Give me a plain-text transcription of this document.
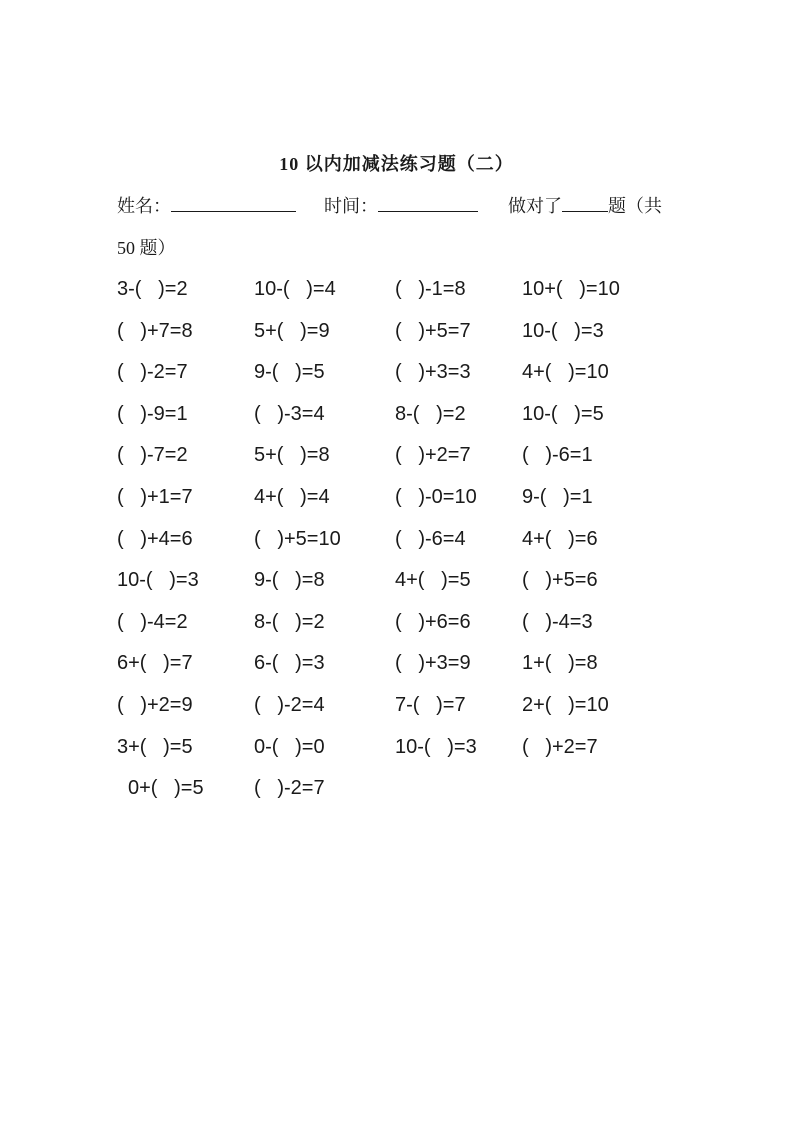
10 以内加减法练习题（二）
姓名：	时间：	做对了	题（共
50 题）
3-(   )=2	10-(   )=4	(   )-1=8	10+(   )=10
(   )+7=8	5+(   )=9	(   )+5=7	10-(   )=3
(   )-2=7	9-(   )=5	(   )+3=3	4+(   )=10
(   )-9=1	(   )-3=4	8-(   )=2	10-(   )=5
(   )-7=2	5+(   )=8	(   )+2=7	(   )-6=1
(   )+1=7	4+(   )=4	(   )-0=10	9-(   )=1
(   )+4=6	(   )+5=10	(   )-6=4	4+(   )=6
10-(   )=3	9-(   )=8	4+(   )=5	(   )+5=6
(   )-4=2	8-(   )=2	(   )+6=6	(   )-4=3
6+(   )=7	6-(   )=3	(   )+3=9	1+(   )=8
(   )+2=9	(   )-2=4	7-(   )=7	2+(   )=10
3+(   )=5	0-(   )=0	10-(   )=3	(   )+2=7
0+(   )=5	(   )-2=7
